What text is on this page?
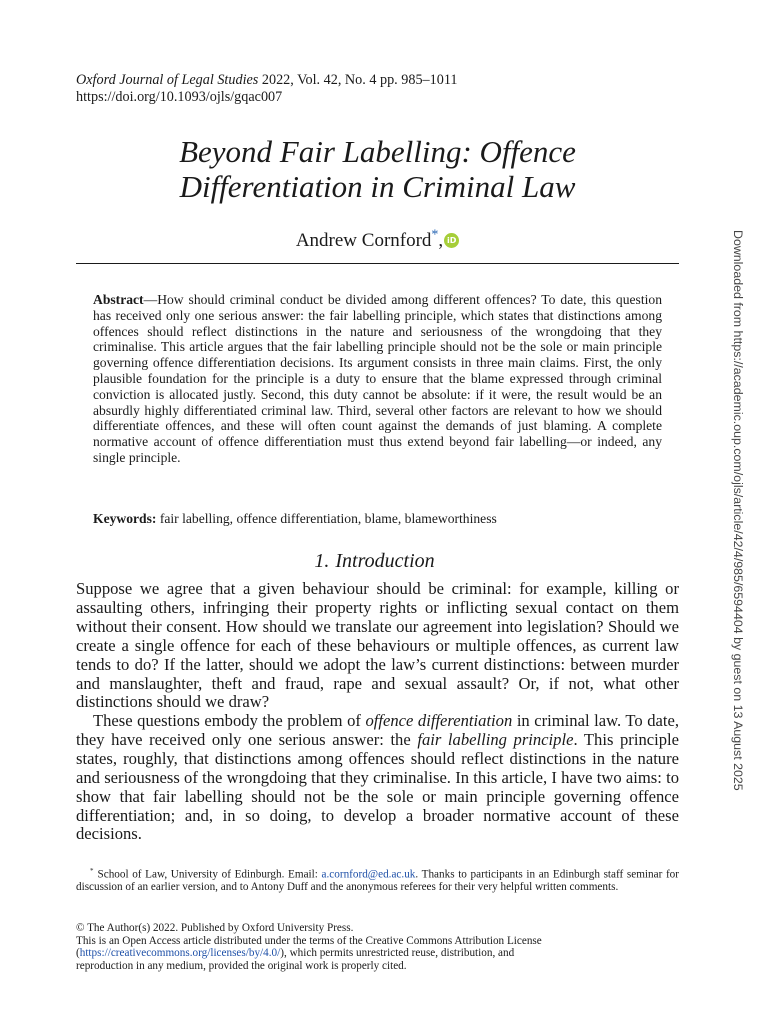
Oxford Journal of Legal Studies 2022, Vol. 42, No. 4 pp. 985–1011
https://doi.org/10.1093/ojls/gqac007
Beyond Fair Labelling: Offence
Differentiation in Criminal Law
Andrew Cornford*, iD
Abstract—How should criminal conduct be divided among different offences? To date, this question has received only one serious answer: the fair labelling principle, which states that distinctions among offences should reflect distinctions in the nature and seriousness of the wrongdoing that they criminalise. This article argues that the fair labelling principle should not be the sole or main principle governing offence differentiation decisions. Its argument consists in three main claims. First, the only plausible foundation for the principle is a duty to ensure that the blame expressed through criminal conviction is allocated justly. Second, this duty cannot be absolute: if it were, the result would be an absurdly highly differentiated criminal law. Third, several other factors are relevant to how we should differentiate offences, and these will often count against the demands of just blaming. A complete normative account of offence differentiation must thus extend beyond fair labelling—or indeed, any single principle.
Keywords: fair labelling, offence differentiation, blame, blameworthiness
1. Introduction

Suppose we agree that a given behaviour should be criminal: for example, killing or assaulting others, infringing their property rights or inflicting sexual contact on them without their consent. How should we translate our agreement into legislation? Should we create a single offence for each of these behaviours or multiple offences, as current law tends to do? If the latter, should we adopt the law’s current distinctions: between murder and manslaughter, theft and fraud, rape and sexual assault? Or, if not, what other distinctions should we draw?

These questions embody the problem of offence differentiation in criminal law. To date, they have received only one serious answer: the fair labelling principle. This principle states, roughly, that distinctions among offences should reflect distinctions in the nature and seriousness of the wrongdoing that they criminalise. In this article, I have two aims: to show that fair labelling should not be the sole or main principle governing offence differentiation; and, in so doing, to develop a broader normative account of these decisions.

* School of Law, University of Edinburgh. Email: a.cornford@ed.ac.uk. Thanks to participants in an Edinburgh staff seminar for discussion of an earlier version, and to Antony Duff and the anonymous referees for their very helpful written comments.
© The Author(s) 2022. Published by Oxford University Press.
This is an Open Access article distributed under the terms of the Creative Commons Attribution License
(https://creativecommons.org/licenses/by/4.0/), which permits unrestricted reuse, distribution, and
reproduction in any medium, provided the original work is properly cited.
Downloaded from https://academic.oup.com/ojls/article/42/4/985/6594404 by guest on 13 August 2025
